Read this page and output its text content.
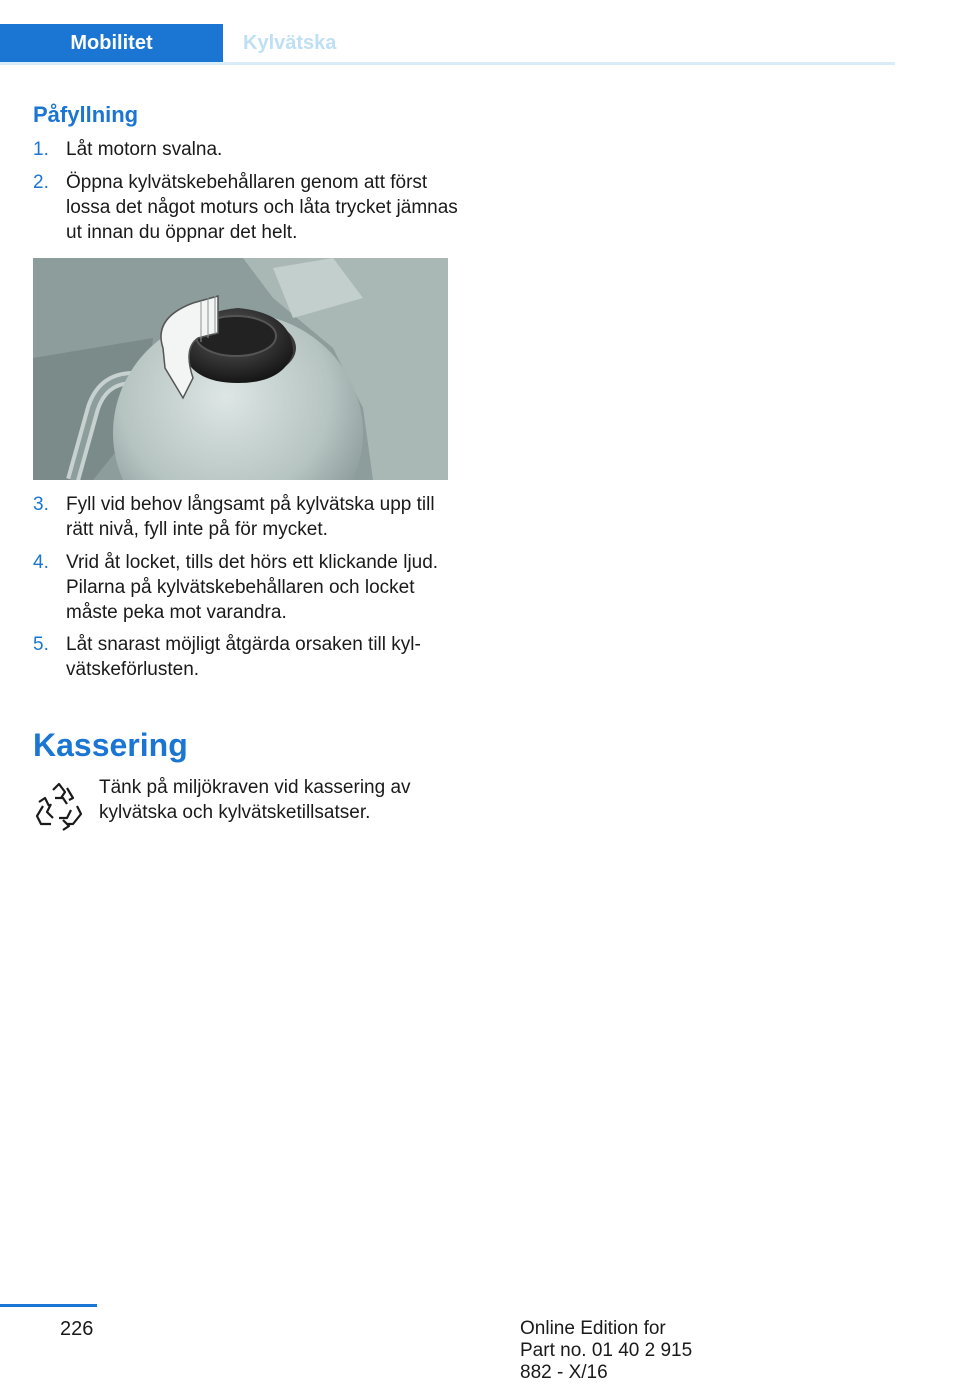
Mobilitet	Kylvätska
Påfyllning
1. Låt motorn svalna.
2. Öppna kylvätskebehållaren genom att först lossa det något moturs och låta trycket jämnas ut innan du öppnar det helt.
3. Fyll vid behov långsamt på kylvätska upp till rätt nivå, fyll inte på för mycket.
4. Vrid åt locket, tills det hörs ett klickande ljud. Pilarna på kylvätskebehållaren och locket måste peka mot varandra.
5. Låt snarast möjligt åtgärda orsaken till kyl-vätskeförlusten.
Kassering
Tänk på miljökraven vid kassering av kylvätska och kylvätsketillsatser.
226	Online Edition for Part no. 01 40 2 915 882 - X/16
